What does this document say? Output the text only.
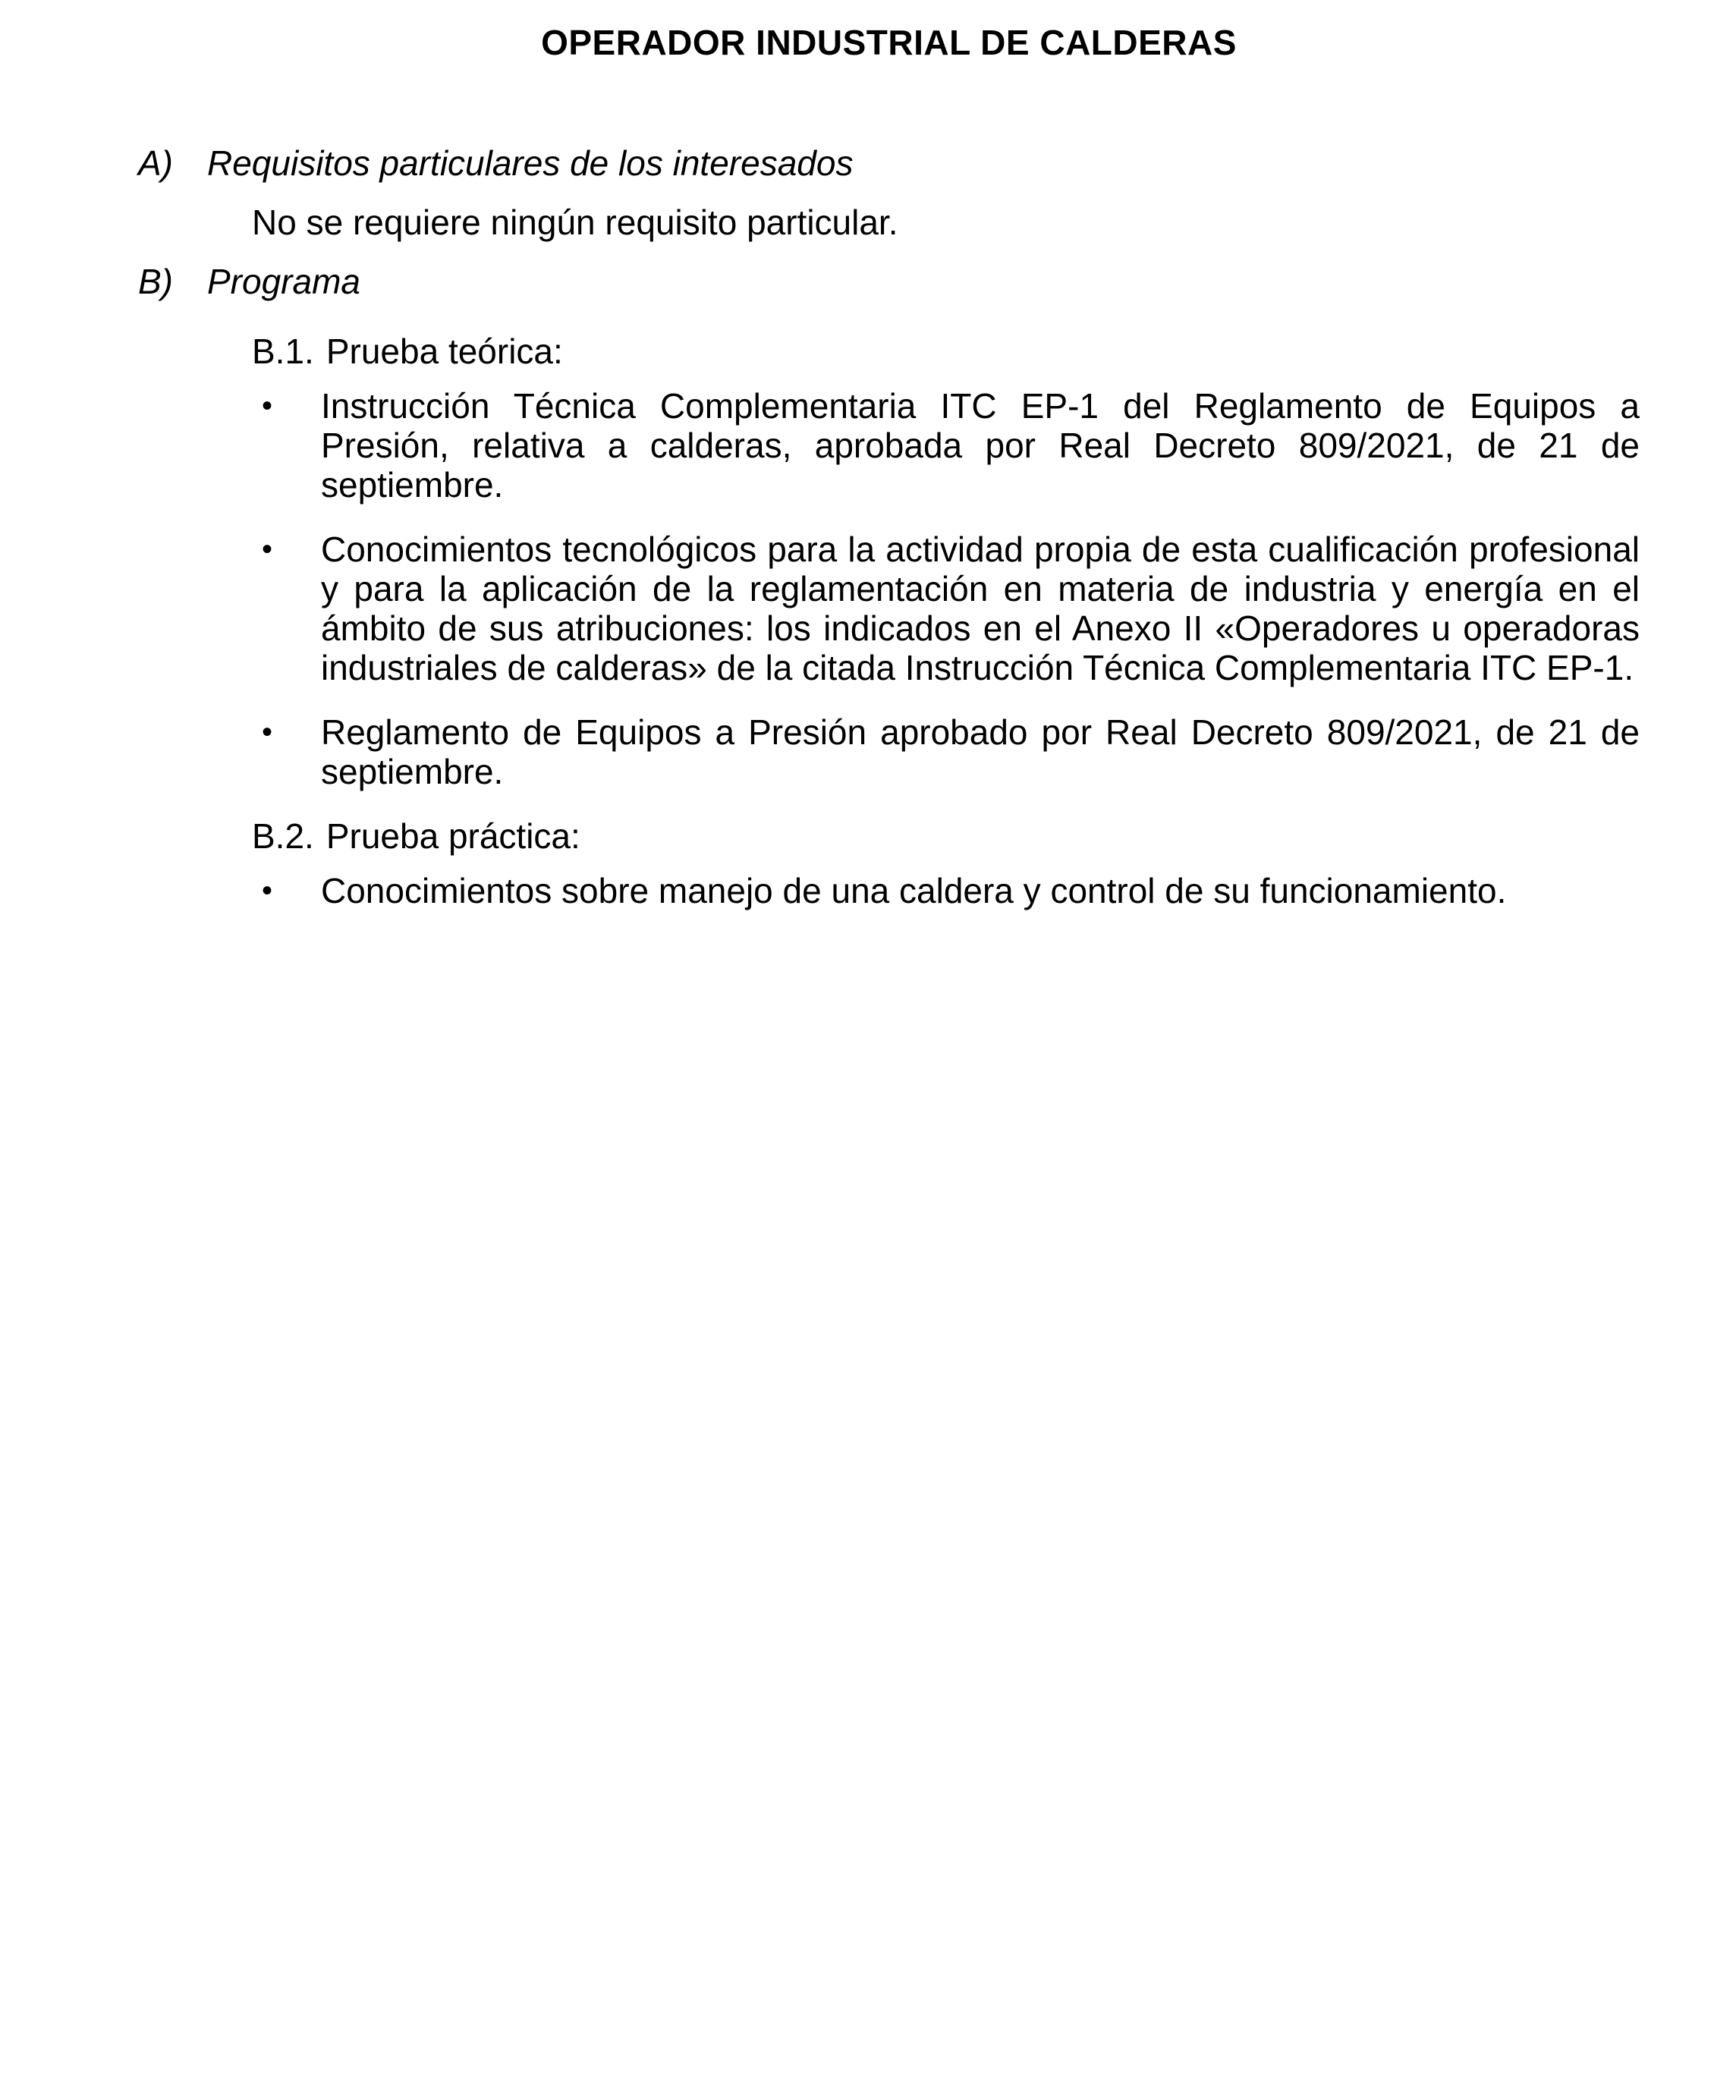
OPERADOR INDUSTRIAL DE CALDERAS
A) Requisitos particulares de los interesados

No se requiere ningún requisito particular.

B) Programa
B.1. Prueba teórica:
• Instrucción Técnica Complementaria ITC EP-1 del Reglamento de Equipos a Presión, relativa a calderas, aprobada por Real Decreto 809/2021, de 21 de septiembre.
• Conocimientos tecnológicos para la actividad propia de esta cualificación profesional y para la aplicación de la reglamentación en materia de industria y energía en el ámbito de sus atribuciones: los indicados en el Anexo II «Operadores u operadoras industriales de calderas» de la citada Instrucción Técnica Complementaria ITC EP-1.
• Reglamento de Equipos a Presión aprobado por Real Decreto 809/2021, de 21 de septiembre.
B.2. Prueba práctica:
• Conocimientos sobre manejo de una caldera y control de su funcionamiento.
